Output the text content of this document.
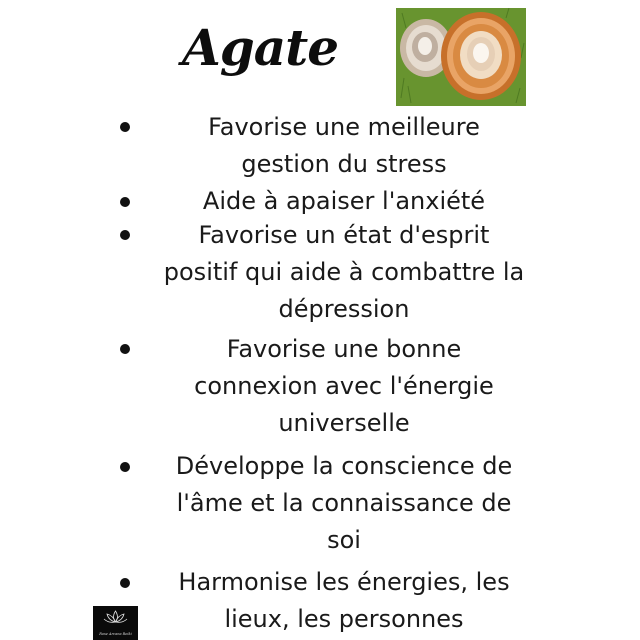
Agate
Favorise une meilleure
gestion du stress
Aide à apaiser l'anxiété
Favorise un état d'esprit
positif qui aide à combattre la
dépression
Favorise une bonne
connexion avec l'énergie
universelle
Développe la conscience de
l'âme et la connaissance de
soi
Harmonise les énergies, les
lieux, les personnes
Rose Arcana Reiki
